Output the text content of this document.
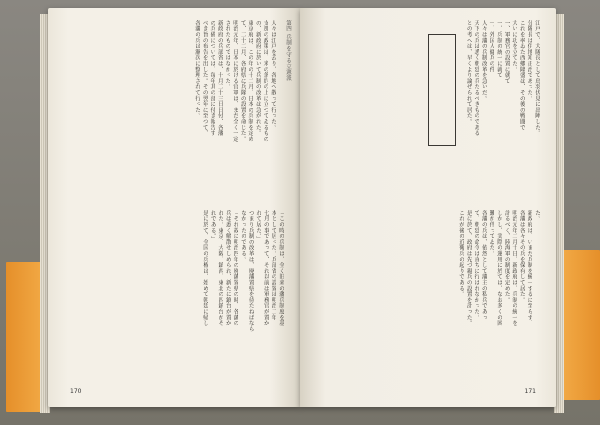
第四 兵制を守る立憲派
人々は江戸を去り、各地へ散って行った。
支那の政策は、米の条約の上に立つてゐるもの
の、新政府に於いて兵制の改革は急がれた。
東京府は、この年の十二月、日本の兵制を定め
て、二十二月、各府県に兵隊の設置を命じた。
明治元年、日本に於ける官軍は、まだ全く一定
されたものではなかった。
新政府の兵部省は、十月二十三日日付、各藩
の兵備については、毎年其の部に付き報告す
べき旨の布告を出した。その翌年に至つて、
各藩の兵は漸次に整理されて行った。
「この時の兵制は、全く旧来の藩兵制度を基
本として居った。兵部省の設置は明治二年
七月の事であって、それ以前は軍務官が置か
れて居た。」
つまり兵制の改革は、廃藩置県を待たねばなら
なかったのである。
「それ故に明治四年の廃藩置県の時、各藩の
兵は悉く解散せしめられ、新たに鎮台が置か
れた。東京、大阪、鎮西、東北の四鎮台がそ
れである。」
是に於て、全国の兵権は、始めて朝廷に帰し
170
江戸で、大隊長として鳥羽伏見に出陣した。
分隊長は伊地知正治であった。
これを率ゐた西郷隆盛は、その後の戦闘で
大いに功を立てた。
一、軍務官の設置に就て
一、兵制の統一に就て
一、外国人傭兵の件
人々は藩の兵制改革を急いだ。
天下の兵は悉く朝廷の兵たるべきものである
との考へは、早くより論ぜられて居た。
た。
新政府は、いまだ兵制を統一するに至らず、
各藩は各々その兵を保有して居た。
明治元年二月十日、新政府は、兵制の統一を
計るべく、陸海軍の制度を定めた。
しかし、実際の運用に於ては、なお多くの困
難が伴ってゐた。
各藩の兵は、依然として藩主の私兵であっ
て、朝廷の命令は直ちに行はれなかった。
是に於て、政府は先づ親兵の設置を計った。
これが後の近衛兵の起りである。
171
